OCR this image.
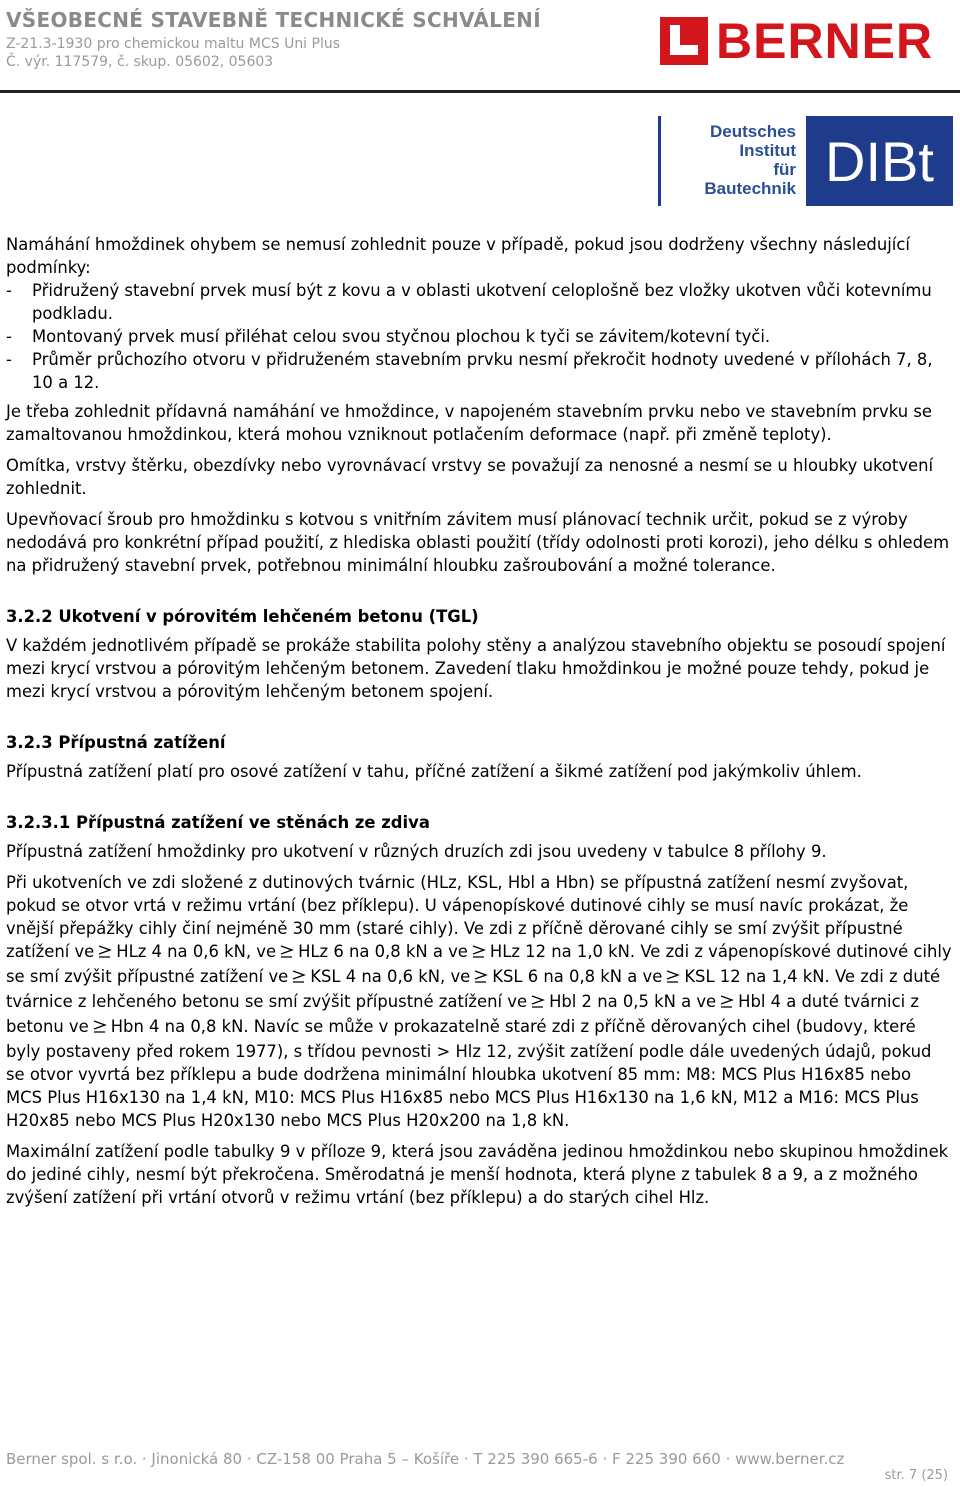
VŠEOBECNÉ STAVEBNĚ TECHNICKÉ SCHVÁLENÍ
Z-21.3-1930 pro chemickou maltu MCS Uni Plus
Č. výr. 117579, č. skup. 05602, 05603	BERNER
Deutsches
Institut
für
Bautechnik DIBt

Namáhání hmoždinek ohybem se nemusí zohlednit pouze v případě, pokud jsou dodrženy všechny následující podmínky:

-	Přidružený stavební prvek musí být z kovu a v oblasti ukotvení celoplošně bez vložky ukotven vůči kotevnímu podkladu.
-	Montovaný prvek musí přiléhat celou svou styčnou plochou k tyči se závitem/kotevní tyči.
-	Průměr průchozího otvoru v přidruženém stavebním prvku nesmí překročit hodnoty uvedené v přílohách 7, 8, 10 a 12.

Je třeba zohlednit přídavná namáhání ve hmoždince, v napojeném stavebním prvku nebo ve stavebním prvku se zamaltovanou hmoždinkou, která mohou vzniknout potlačením deformace (např. při změně teploty).

Omítka, vrstvy štěrku, obezdívky nebo vyrovnávací vrstvy se považují za nenosné a nesmí se u hloubky ukotvení zohlednit.

Upevňovací šroub pro hmoždinku s kotvou s vnitřním závitem musí plánovací technik určit, pokud se z výroby nedodává pro konkrétní případ použití, z hlediska oblasti použití (třídy odolnosti proti korozi), jeho délku s ohledem na přidružený stavební prvek, potřebnou minimální hloubku zašroubování a možné tolerance.

3.2.2 Ukotvení v pórovitém lehčeném betonu (TGL)

V každém jednotlivém případě se prokáže stabilita polohy stěny a analýzou stavebního objektu se posoudí spojení mezi krycí vrstvou a pórovitým lehčeným betonem. Zavedení tlaku hmoždinkou je možné pouze tehdy, pokud je mezi krycí vrstvou a pórovitým lehčeným betonem spojení.

3.2.3 Přípustná zatížení

Přípustná zatížení platí pro osové zatížení v tahu, příčné zatížení a šikmé zatížení pod jakýmkoliv úhlem.

3.2.3.1 Přípustná zatížení ve stěnách ze zdiva

Přípustná zatížení hmoždinky pro ukotvení v různých druzích zdi jsou uvedeny v tabulce 8 přílohy 9.

Při ukotveních ve zdi složené z dutinových tvárnic (HLz, KSL, Hbl a Hbn) se přípustná zatížení nesmí zvyšovat, pokud se otvor vrtá v režimu vrtání (bez příklepu). U vápenopískové dutinové cihly se musí navíc prokázat, že vnější přepážky cihly činí nejméně 30 mm (staré cihly). Ve zdi z příčně děrované cihly se smí zvýšit přípustné zatížení ve HLz 4 na 0,6 kN, ve HLz 6 na 0,8 kN a ve HLz 12 na 1,0 kN. Ve zdi z vápenopískové dutinové cihly se smí zvýšit přípustné zatížení ve KSL 4 na 0,6 kN, ve KSL 6 na 0,8 kN a ve KSL 12 na 1,4 kN. Ve zdi z duté tvárnice z lehčeného betonu se smí zvýšit přípustné zatížení ve Hbl 2 na 0,5 kN a ve Hbl 4 a duté tvárnici z betonu ve Hbn 4 na 0,8 kN. Navíc se může v prokazatelně staré zdi z příčně děrovaných cihel (budovy, které byly postaveny před rokem 1977), s třídou pevnosti > Hlz 12, zvýšit zatížení podle dále uvedených údajů, pokud se otvor vyvrtá bez příklepu a bude dodržena minimální hloubka ukotvení 85 mm: M8: MCS Plus H16x85 nebo MCS Plus H16x130 na 1,4 kN, M10: MCS Plus H16x85 nebo MCS Plus H16x130 na 1,6 kN, M12 a M16: MCS Plus H20x85 nebo MCS Plus H20x130 nebo MCS Plus H20x200 na 1,8 kN.

Maximální zatížení podle tabulky 9 v příloze 9, která jsou zaváděna jedinou hmoždinkou nebo skupinou hmoždinek do jediné cihly, nesmí být překročena. Směrodatná je menší hodnota, která plyne z tabulek 8 a 9, a z možného zvýšení zatížení při vrtání otvorů v režimu vrtání (bez příklepu) a do starých cihel Hlz.

Berner spol. s r.o. · Jinonická 80 · CZ-158 00 Praha 5 – Košíře · T 225 390 665-6 · F 225 390 660 · www.berner.cz
str. 7 (25)
